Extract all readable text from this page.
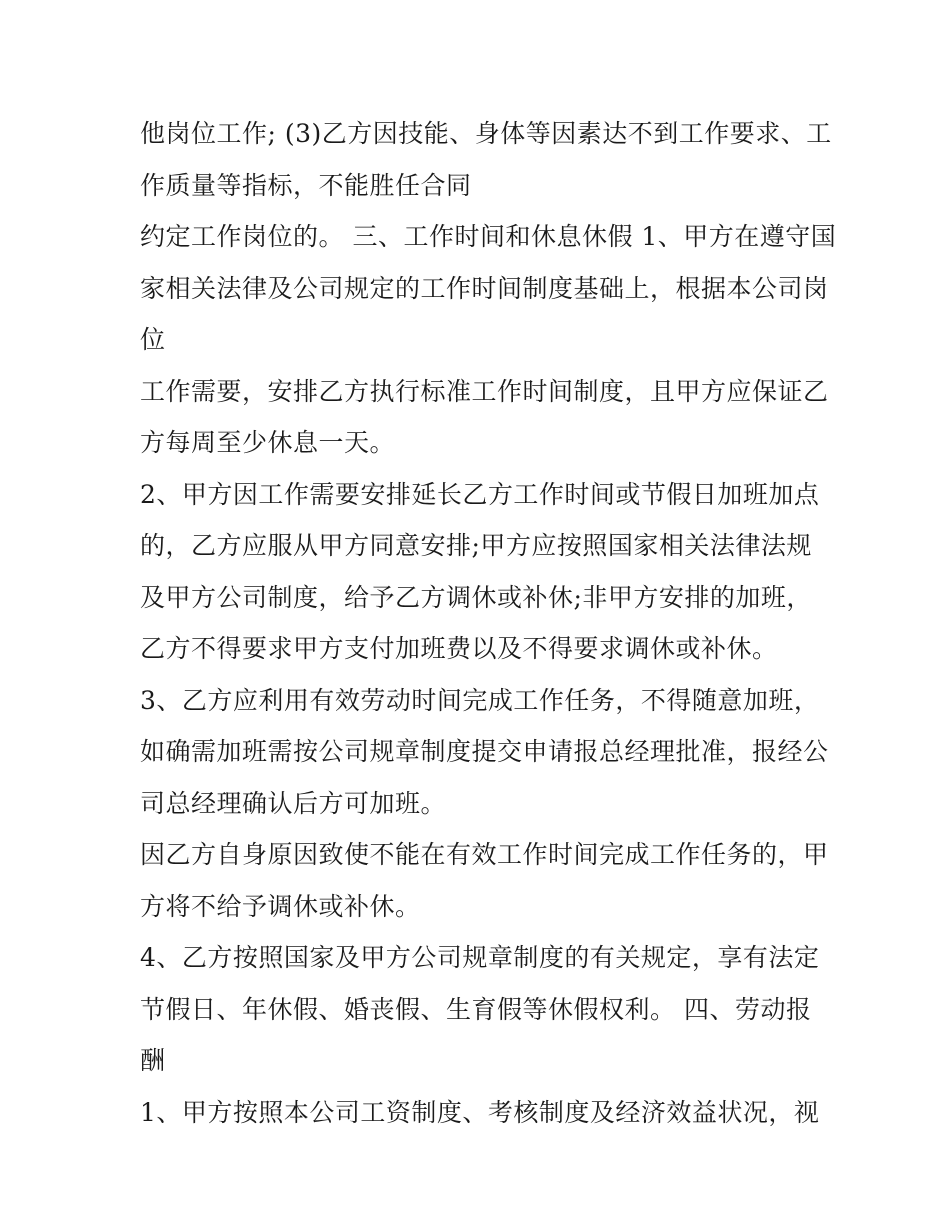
他岗位工作; (3)乙方因技能、身体等因素达不到工作要求、工
作质量等指标，不能胜任合同
约定工作岗位的。 三、工作时间和休息休假 1、甲方在遵守国
家相关法律及公司规定的工作时间制度基础上，根据本公司岗
位
工作需要，安排乙方执行标准工作时间制度，且甲方应保证乙
方每周至少休息一天。
2、甲方因工作需要安排延长乙方工作时间或节假日加班加点
的，乙方应服从甲方同意安排;甲方应按照国家相关法律法规
及甲方公司制度，给予乙方调休或补休;非甲方安排的加班，
乙方不得要求甲方支付加班费以及不得要求调休或补休。
3、乙方应利用有效劳动时间完成工作任务，不得随意加班，
如确需加班需按公司规章制度提交申请报总经理批准，报经公
司总经理确认后方可加班。
因乙方自身原因致使不能在有效工作时间完成工作任务的，甲
方将不给予调休或补休。
4、乙方按照国家及甲方公司规章制度的有关规定，享有法定
节假日、年休假、婚丧假、生育假等休假权利。 四、劳动报
酬
1、甲方按照本公司工资制度、考核制度及经济效益状况，视
